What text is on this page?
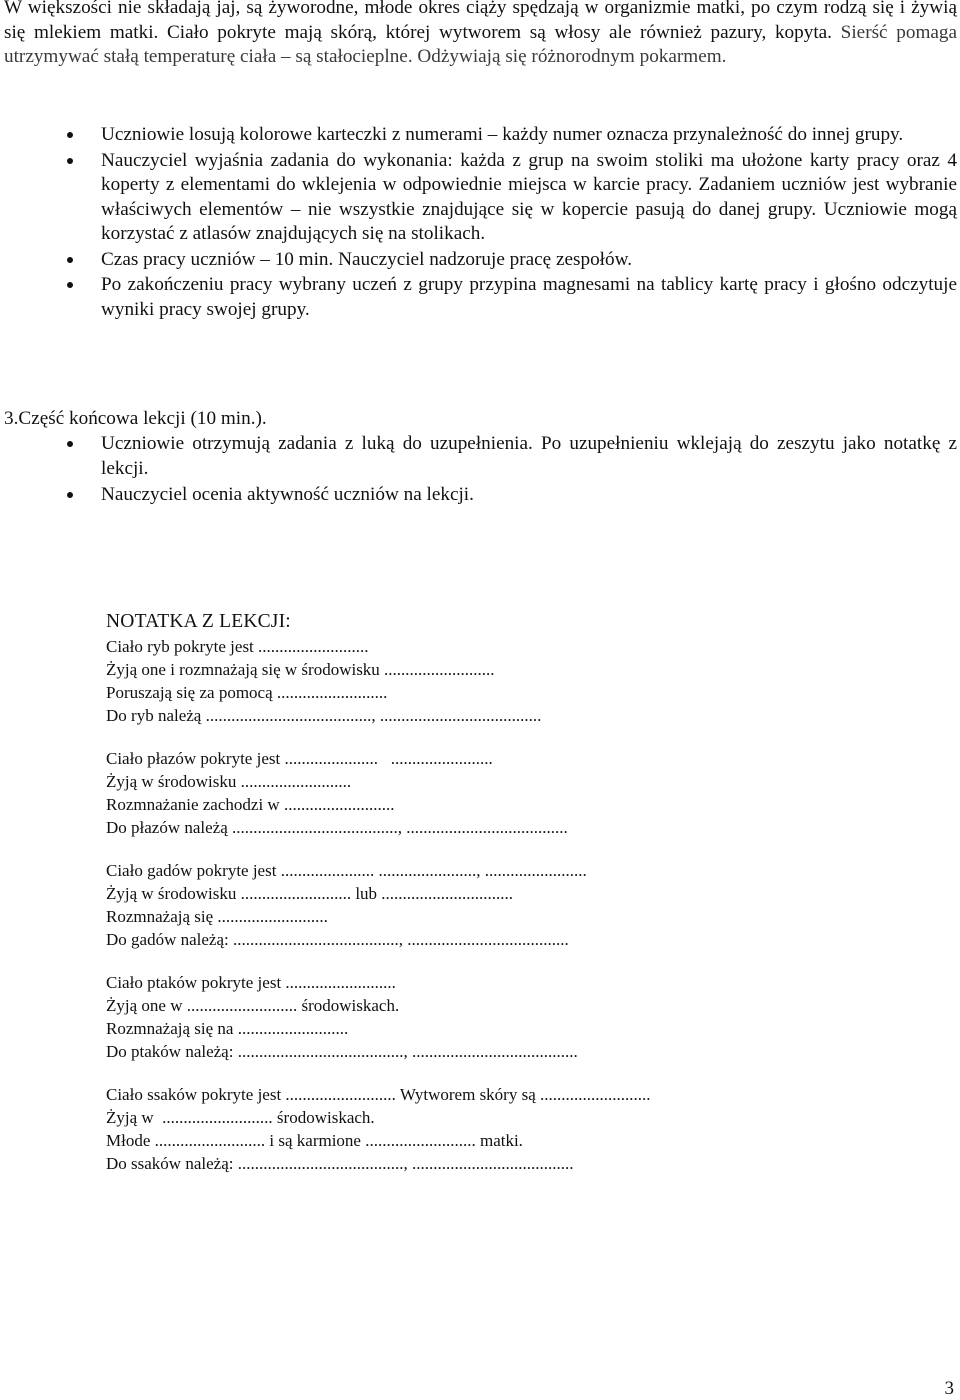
W większości nie składają jaj, są żyworodne, młode okres ciąży spędzają w organizmie matki, po czym rodzą się i żywią się mlekiem matki. Ciało pokryte mają skórą, której wytworem są włosy ale również pazury, kopyta. Sierść pomaga utrzymywać stałą temperaturę ciała – są stałocieplne. Odżywiają się różnorodnym pokarmem.

Uczniowie losują kolorowe karteczki z numerami – każdy numer oznacza przynależność do innej grupy.
Nauczyciel wyjaśnia zadania do wykonania: każda z grup na swoim stoliki ma ułożone karty pracy oraz 4 koperty z elementami do wklejenia w odpowiednie miejsca w karcie pracy. Zadaniem uczniów jest wybranie właściwych elementów – nie wszystkie znajdujące się w kopercie pasują do danej grupy. Uczniowie mogą korzystać z atlasów znajdujących się na stolikach.
Czas pracy uczniów – 10 min. Nauczyciel nadzoruje pracę zespołów.
Po zakończeniu pracy wybrany uczeń z grupy przypina magnesami na tablicy kartę pracy i głośno odczytuje wyniki pracy swojej grupy.

3.Część końcowa lekcji (10 min.).

Uczniowie otrzymują zadania z luką do uzupełnienia. Po uzupełnieniu wklejają do zeszytu jako notatkę z lekcji.
Nauczyciel ocenia aktywność uczniów na lekcji.

NOTATKA Z LEKCJI:

Ciało ryb pokryte jest ..........................
Żyją one i rozmnażają się w środowisku ..........................
Poruszają się za pomocą ..........................
Do ryb należą ......................................., ......................................
Ciało płazów pokryte jest ......................   ........................
Żyją w środowisku ..........................
Rozmnażanie zachodzi w ..........................
Do płazów należą ......................................., ......................................
Ciało gadów pokryte jest ...................... ......................., ........................
Żyją w środowisku .......................... lub ...............................
Rozmnażają się ..........................
Do gadów należą: ......................................., ......................................
Ciało ptaków pokryte jest ..........................
Żyją one w .......................... środowiskach.
Rozmnażają się na ..........................
Do ptaków należą: ......................................., .......................................
Ciało ssaków pokryte jest .......................... Wytworem skóry są ..........................
Żyją w  .......................... środowiskach.
Młode .......................... i są karmione .......................... matki.
Do ssaków należą: ......................................., ......................................
3
